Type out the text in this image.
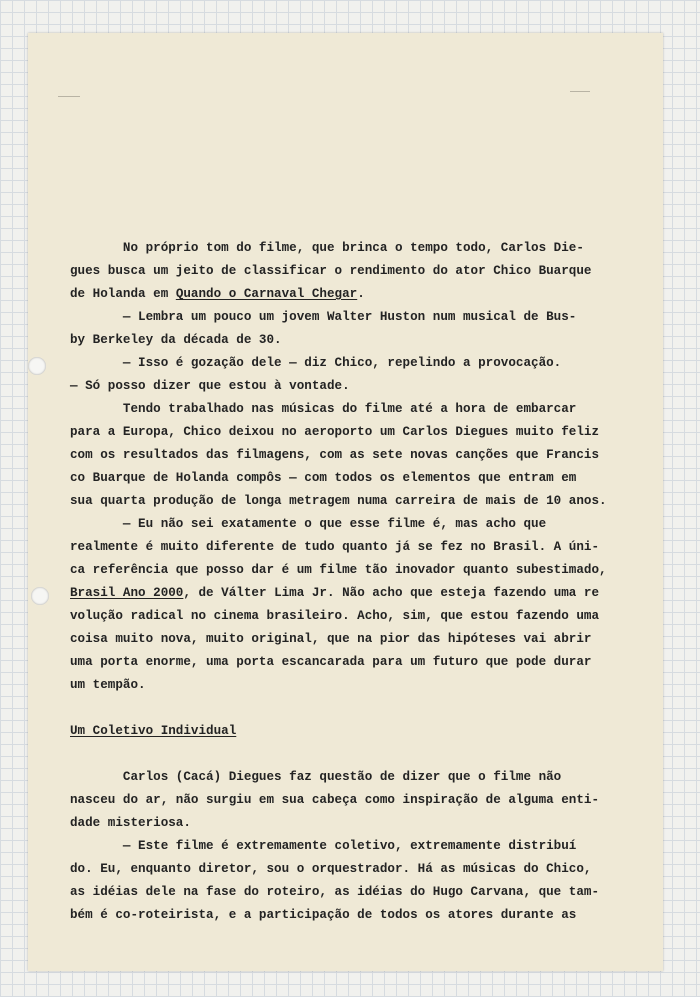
No próprio tom do filme, que brinca o tempo todo, Carlos Die-
gues busca um jeito de classificar o rendimento do ator Chico Buarque
de Holanda em Quando o Carnaval Chegar.
— Lembra um pouco um jovem Walter Huston num musical de Bus-
by Berkeley da década de 30.
— Isso é gozação dele — diz Chico, repelindo a provocação.
— Só posso dizer que estou à vontade.
Tendo trabalhado nas músicas do filme até a hora de embarcar
para a Europa, Chico deixou no aeroporto um Carlos Diegues muito feliz
com os resultados das filmagens, com as sete novas canções que Francis
co Buarque de Holanda compôs — com todos os elementos que entram em
sua quarta produção de longa metragem numa carreira de mais de 10 anos.
— Eu não sei exatamente o que esse filme é, mas acho que
realmente é muito diferente de tudo quanto já se fez no Brasil. A úni-
ca referência que posso dar é um filme tão inovador quanto subestimado,
Brasil Ano 2000, de Válter Lima Jr. Não acho que esteja fazendo uma re
volução radical no cinema brasileiro. Acho, sim, que estou fazendo uma
coisa muito nova, muito original, que na pior das hipóteses vai abrir
uma porta enorme, uma porta escancarada para um futuro que pode durar
um tempão.
Um Coletivo Individual
Carlos (Cacá) Diegues faz questão de dizer que o filme não
nasceu do ar, não surgiu em sua cabeça como inspiração de alguma enti-
dade misteriosa.
— Este filme é extremamente coletivo, extremamente distribuí
do. Eu, enquanto diretor, sou o orquestrador. Há as músicas do Chico,
as idéias dele na fase do roteiro, as idéias do Hugo Carvana, que tam-
bém é co-roteirista, e a participação de todos os atores durante as
